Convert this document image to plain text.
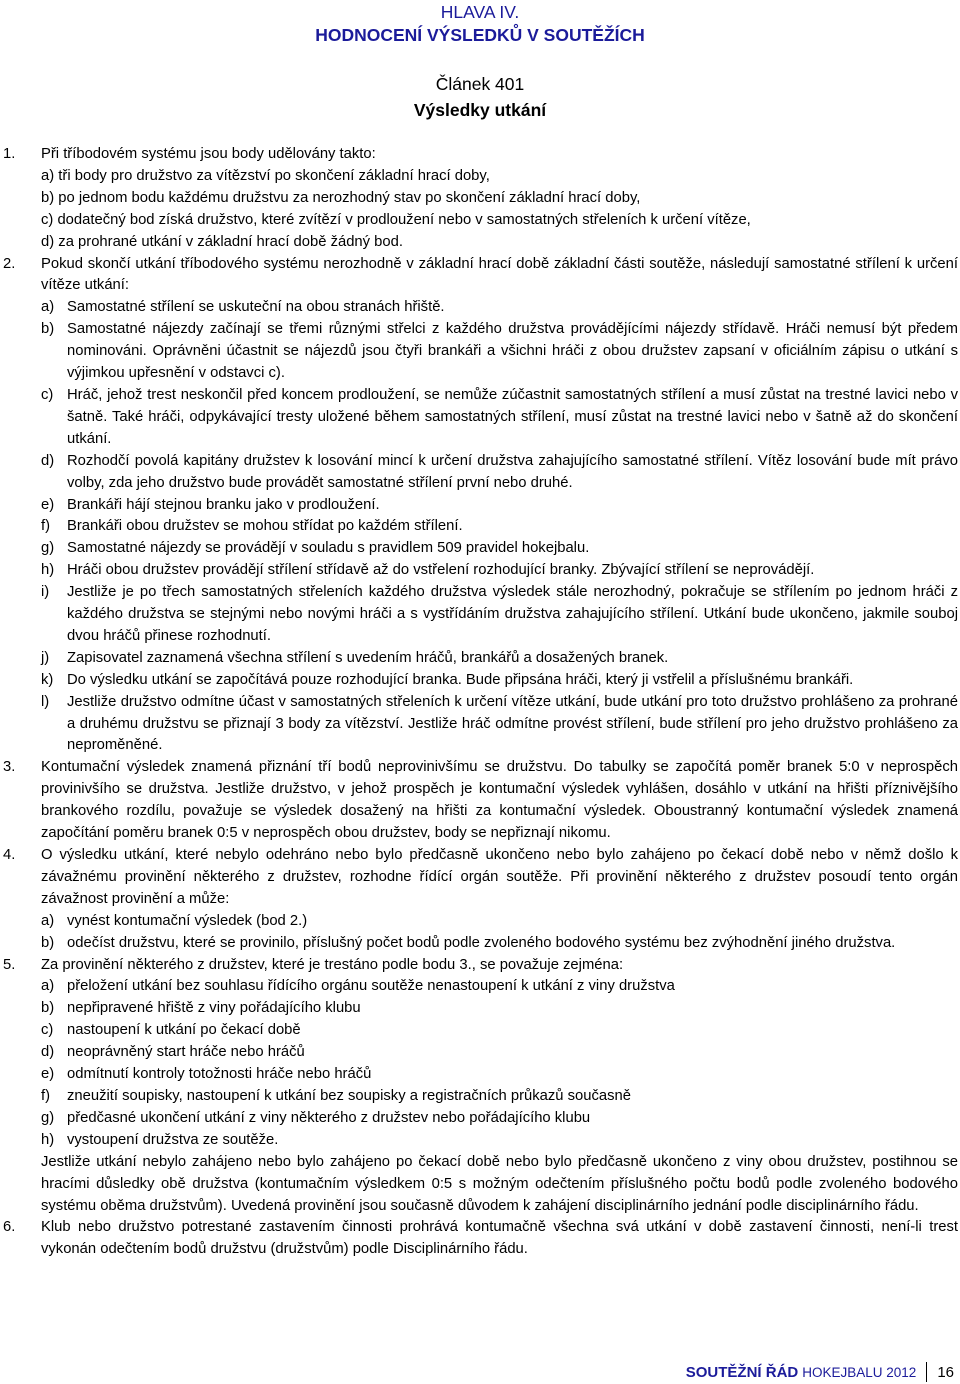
HLAVA IV.
HODNOCENÍ VÝSLEDKŮ V SOUTĚŽÍCH
Článek 401
Výsledky utkání
1. Při tříbodovém systému jsou body udělovány takto:
a) tři body pro družstvo za vítězství po skončení základní hrací doby,
b) po jednom bodu každému družstvu za nerozhodný stav po skončení základní hrací doby,
c) dodatečný bod získá družstvo, které zvítězí v prodloužení nebo v samostatných střeleních k určení vítěze,
d) za prohrané utkání v základní hrací době žádný bod.
2. Pokud skončí utkání tříbodového systému nerozhodně v základní hrací době základní části soutěže, následují samostatné střílení k určení vítěze utkání:
a) Samostatné střílení se uskuteční na obou stranách hřiště.
b) Samostatné nájezdy začínají se třemi různými střelci z každého družstva provádějícími nájezdy střídavě. Hráči nemusí být předem nominováni. Oprávněni účastnit se nájezdů jsou čtyři brankáři a všichni hráči z obou družstev zapsaní v oficiálním zápisu o utkání s výjimkou upřesnění v odstavci c).
c) Hráč, jehož trest neskončil před koncem prodloužení, se nemůže zúčastnit samostatných střílení a musí zůstat na trestné lavici nebo v šatně. Také hráči, odpykávající tresty uložené během samostatných střílení, musí zůstat na trestné lavici nebo v šatně až do skončení utkání.
d) Rozhodčí povolá kapitány družstev k losování mincí k určení družstva zahajujícího samostatné střílení. Vítěz losování bude mít právo volby, zda jeho družstvo bude provádět samostatné střílení první nebo druhé.
e) Brankáři hájí stejnou branku jako v prodloužení.
f) Brankáři obou družstev se mohou střídat po každém střílení.
g) Samostatné nájezdy se provádějí v souladu s pravidlem 509 pravidel hokejbalu.
h) Hráči obou družstev provádějí střílení střídavě až do vstřelení rozhodující branky. Zbývající střílení se neprovádějí.
i) Jestliže je po třech samostatných střeleních každého družstva výsledek stále nerozhodný, pokračuje se střílením po jednom hráči z každého družstva se stejnými nebo novými hráči a s vystřídáním družstva zahajujícího střílení. Utkání bude ukončeno, jakmile souboj dvou hráčů přinese rozhodnutí.
j) Zapisovatel zaznamená všechna střílení s uvedením hráčů, brankářů a dosažených branek.
k) Do výsledku utkání se započítává pouze rozhodující branka. Bude připsána hráči, který ji vstřelil a příslušnému brankáři.
l) Jestliže družstvo odmítne účast v samostatných střeleních k určení vítěze utkání, bude utkání pro toto družstvo prohlášeno za prohrané a druhému družstvu se přiznají 3 body za vítězství. Jestliže hráč odmítne provést střílení, bude střílení pro jeho družstvo prohlášeno za neproměněné.
3. Kontumační výsledek znamená přiznání tří bodů neprovinivšímu se družstvu. Do tabulky se započítá poměr branek 5:0 v neprospěch provinivšího se družstva. Jestliže družstvo, v jehož prospěch je kontumační výsledek vyhlášen, dosáhlo v utkání na hřišti příznivějšího brankového rozdílu, považuje se výsledek dosažený na hřišti za kontumační výsledek. Oboustranný kontumační výsledek znamená započítání poměru branek 0:5 v neprospěch obou družstev, body se nepřiznají nikomu.
4. O výsledku utkání, které nebylo odehráno nebo bylo předčasně ukončeno nebo bylo zahájeno po čekací době nebo v němž došlo k závažnému provinění některého z družstev, rozhodne řídící orgán soutěže. Při provinění některého z družstev posoudí tento orgán závažnost provinění a může:
a) vynést kontumační výsledek (bod 2.)
b) odečíst družstvu, které se provinilo, příslušný počet bodů podle zvoleného bodového systému bez zvýhodnění jiného družstva.
5. Za provinění některého z družstev, které je trestáno podle bodu 3., se považuje zejména:
a) přeložení utkání bez souhlasu řídícího orgánu soutěže nenastoupení k utkání z viny družstva
b) nepřipravené hřiště z viny pořádajícího klubu
c) nastoupení k utkání po čekací době
d) neoprávněný start hráče nebo hráčů
e) odmítnutí kontroly totožnosti hráče nebo hráčů
f) zneužití soupisky, nastoupení k utkání bez soupisky a registračních průkazů současně
g) předčasné ukončení utkání z viny některého z družstev nebo pořádajícího klubu
h) vystoupení družstva ze soutěže.
Jestliže utkání nebylo zahájeno nebo bylo zahájeno po čekací době nebo bylo předčasně ukončeno z viny obou družstev, postihnou se hracími důsledky obě družstva (kontumačním výsledkem 0:5 s možným odečtením příslušného počtu bodů podle zvoleného bodového systému oběma družstvům). Uvedená provinění jsou současně důvodem k zahájení disciplinárního jednání podle disciplinárního řádu.
6. Klub nebo družstvo potrestané zastavením činnosti prohrává kontumačně všechna svá utkání v době zastavení činnosti, není-li trest vykonán odečtením bodů družstvu (družstvům) podle Disciplinárního řádu.
SOUTĚŽNÍ ŘÁD HOKEJBALU 2012 16
